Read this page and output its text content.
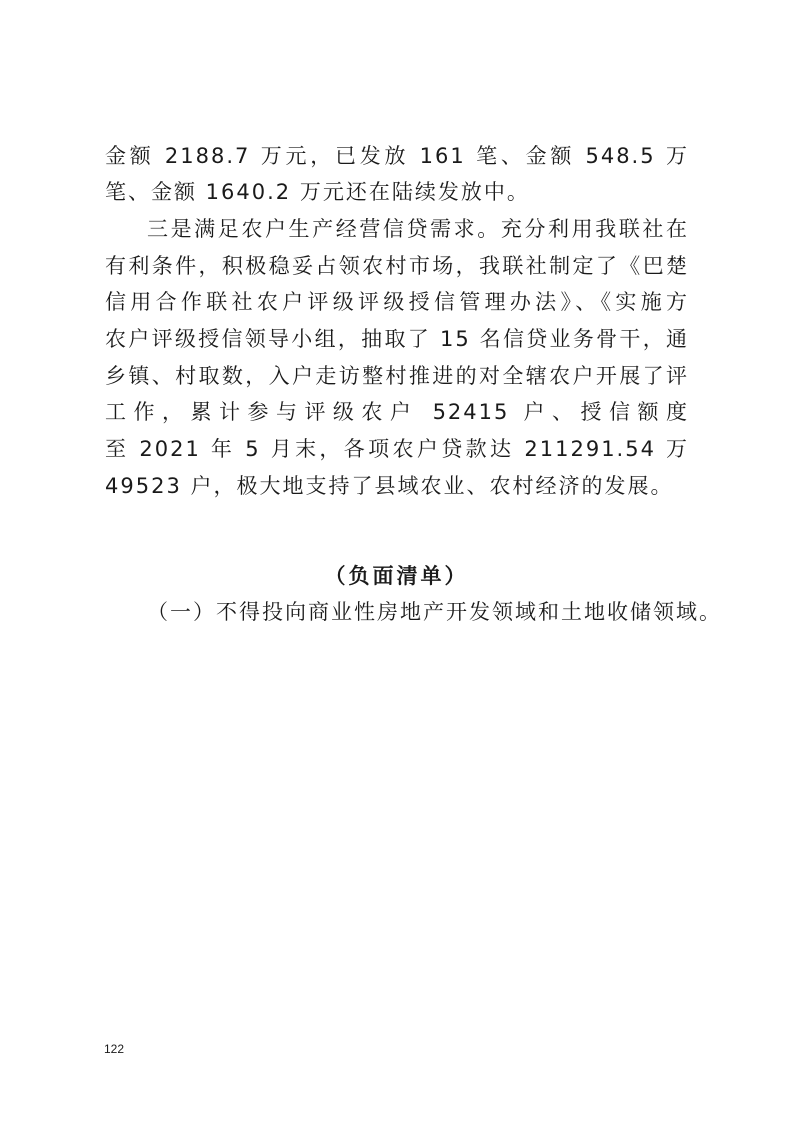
金额 2188.7 万元，已发放 161 笔、金额 548.5 万
笔、金额 1640.2 万元还在陆续发放中。
三是满足农户生产经营信贷需求。充分利用我联社在
有利条件，积极稳妥占领农村市场，我联社制定了《巴楚
信用合作联社农户评级评级授信管理办法》、《实施方
农户评级授信领导小组，抽取了 15 名信贷业务骨干，通
乡镇、村取数，入户走访整村推进的对全辖农户开展了评
工作，累计参与评级农户 52415 户、授信额度
至 2021 年 5 月末，各项农户贷款达 211291.54 万
49523 户，极大地支持了县域农业、农村经济的发展。
（负面清单）
（一）不得投向商业性房地产开发领域和土地收储领域。
122
